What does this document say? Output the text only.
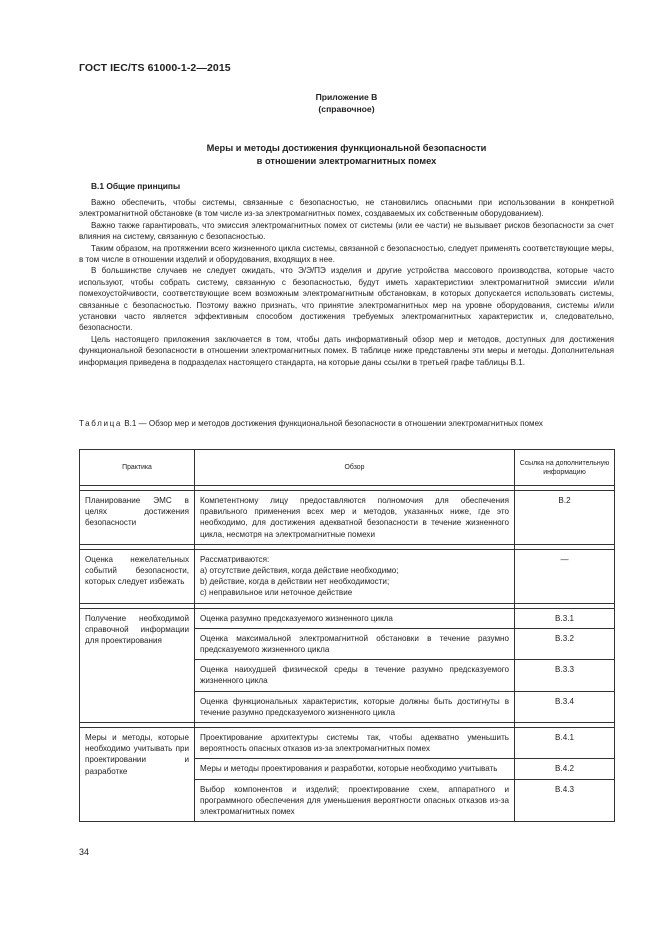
ГОСТ IEC/TS 61000-1-2—2015
Приложение В
(справочное)
Меры и методы достижения функциональной безопасности
в отношении электромагнитных помех
В.1 Общие принципы

Важно обеспечить, чтобы системы, связанные с безопасностью, не становились опасными при использовании в конкретной электромагнитной обстановке (в том числе из-за электромагнитных помех, создаваемых их собственным оборудованием).

Важно также гарантировать, что эмиссия электромагнитных помех от системы (или ее части) не вызывает рисков безопасности за счет влияния на систему, связанную с безопасностью.

Таким образом, на протяжении всего жизненного цикла системы, связанной с безопасностью, следует применять соответствующие меры, в том числе в отношении изделий и оборудования, входящих в нее.

В большинстве случаев не следует ожидать, что Э/Э/ПЭ изделия и другие устройства массового производства, которые часто используют, чтобы собрать систему, связанную с безопасностью, будут иметь характеристики электромагнитной эмиссии и/или помехоустойчивости, соответствующие всем возможным электромагнитным обстановкам, в которых допускается использовать системы, связанные с безопасностью. Поэтому важно признать, что принятие электромагнитных мер на уровне оборудования, системы и/или установки часто является эффективным способом достижения требуемых электромагнитных характеристик и, следовательно, безопасности.

Цель настоящего приложения заключается в том, чтобы дать информативный обзор мер и методов, доступных для достижения функциональной безопасности в отношении электромагнитных помех. В таблице ниже представлены эти меры и методы. Дополнительная информация приведена в подразделах настоящего стандарта, на которые даны ссылки в третьей графе таблицы В.1.

Таблица В.1 — Обзор мер и методов достижения функциональной безопасности в отношении электромагнитных помех
Практика	Обзор	Ссылка на дополнительную информацию

Планирование ЭМС в целях достижения безопасности	Компетентному лицу предоставляются полномочия для обеспечения правильного применения всех мер и методов, указанных ниже, где это необходимо, для достижения адекватной безопасности в течение жизненного цикла, несмотря на электромагнитные помехи	В.2

Оценка нежелательных событий безопасности, которых следует избежать	Рассматриваются:
а) отсутствие действия, когда действие необходимо;
b) действие, когда в действии нет необходимости;
с) неправильное или неточное действие	—

Получение необходимой справочной информации для проектирования	Оценка разумно предсказуемого жизненного цикла	В.3.1
	Оценка максимальной электромагнитной обстановки в течение разумно предсказуемого жизненного цикла	В.3.2
	Оценка наихудшей физической среды в течение разумно предсказуемого жизненного цикла	В.3.3
	Оценка функциональных характеристик, которые должны быть достигнуты в течение разумно предсказуемого жизненного цикла	В.3.4

Меры и методы, которые необходимо учитывать при проектировании и разработке	Проектирование архитектуры системы так, чтобы адекватно уменьшить вероятность опасных отказов из-за электромагнитных помех	В.4.1
	Меры и методы проектирования и разработки, которые необходимо учитывать	В.4.2
	Выбор компонентов и изделий; проектирование схем, аппаратного и программного обеспечения для уменьшения вероятности опасных отказов из-за электромагнитных помех	В.4.3
34
